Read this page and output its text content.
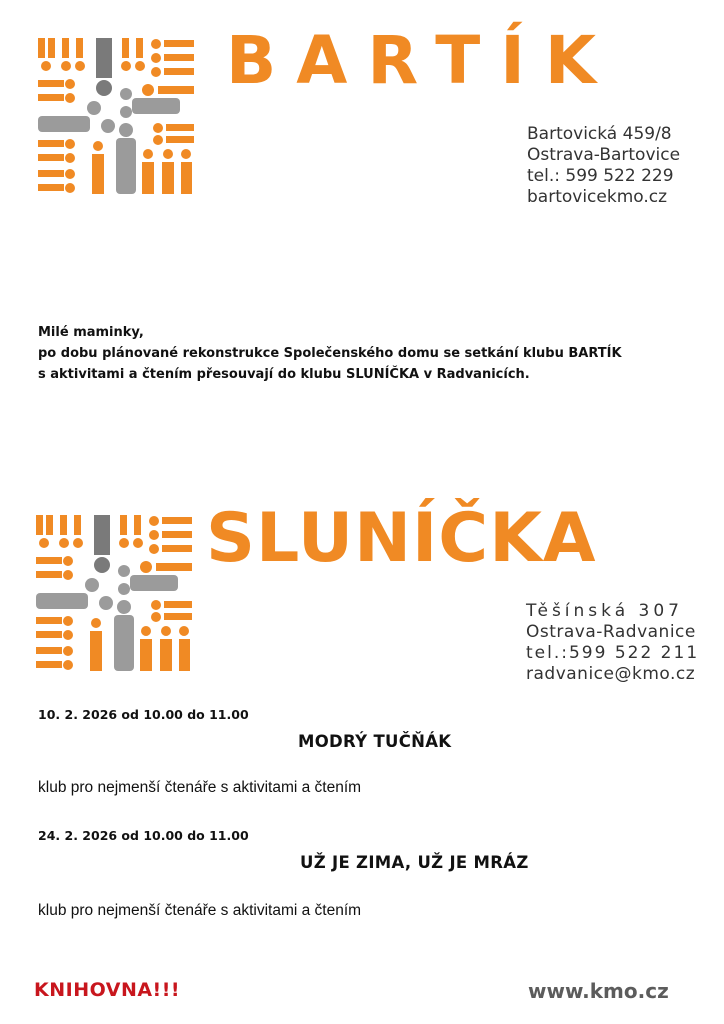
BARTÍK
Bartovická 459/8
Ostrava-Bartovice
tel.: 599 522 229
bartovicekmo.cz
Milé maminky,
po dobu plánované rekonstrukce Společenského domu se setkání klubu BARTÍK
s aktivitami a čtením přesouvají do klubu SLUNÍČKA v Radvanicích.
SLUNÍČKA
Těšínská 307
Ostrava-Radvanice
tel.:599 522 211
radvanice@kmo.cz
10. 2. 2026 od 10.00 do 11.00
MODRÝ TUČŇÁK
klub pro nejmenší čtenáře s aktivitami a čtením
24. 2. 2026 od 10.00 do 11.00
UŽ JE ZIMA, UŽ JE MRÁZ
klub pro nejmenší čtenáře s aktivitami a čtením
KNIHOVNA!!!	www.kmo.cz
